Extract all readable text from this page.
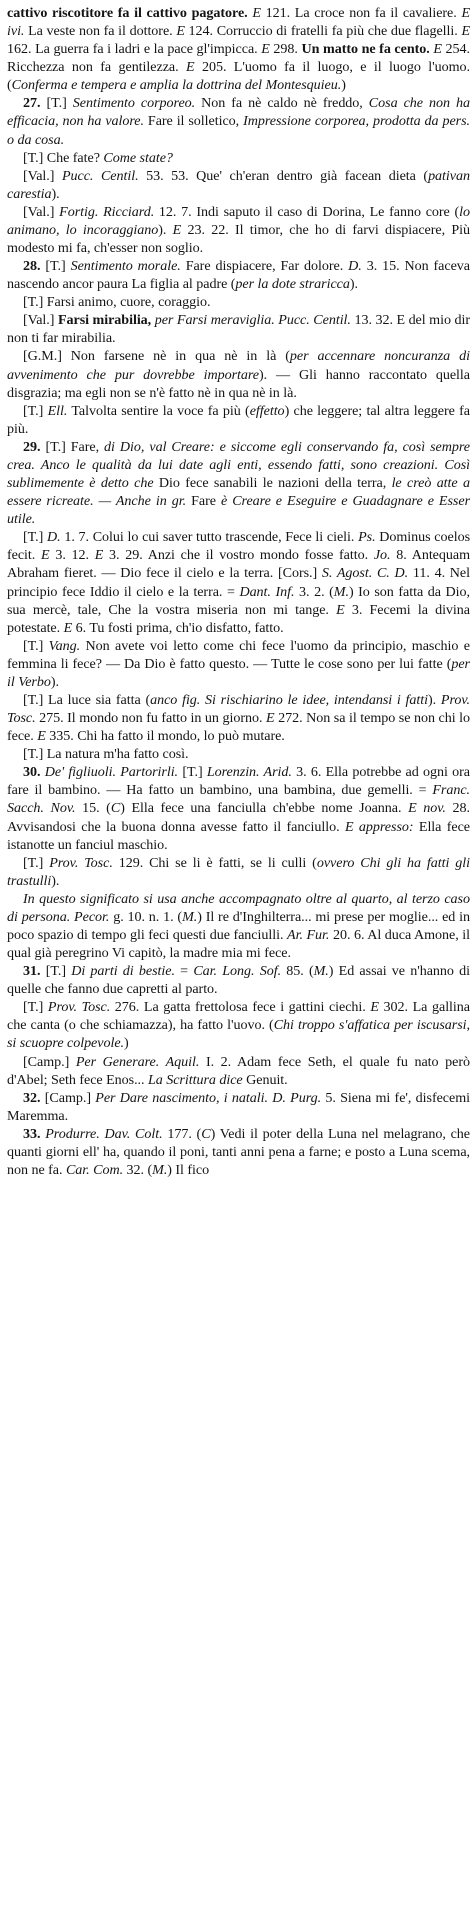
cattivo riscotitore fa il cattivo pagatore. E 121. La croce non fa il cavaliere. E ivi. La veste non fa il dottore. E 124. Corruccio di fratelli fa più che due flagelli. E 162. La guerra fa i ladri e la pace gl'impicca. E 298. Un matto ne fa cento. E 254. Ricchezza non fa gentilezza. E 205. L'uomo fa il luogo, e il luogo l'uomo. (Conferma e tempera e amplia la dottrina del Montesquieu.)
27. [T.] Sentimento corporeo. Non fa nè caldo nè freddo, Cosa che non ha efficacia, non ha valore. Fare il solletico, Impressione corporea, prodotta da pers. o da cosa.
[T.] Che fate? Come state?
[Val.] Pucc. Centil. 53. 53. Que' ch'eran dentro già facean dieta (pativan carestia).
[Val.] Fortig. Ricciard. 12. 7. Indi saputo il caso di Dorina, Le fanno core (lo animano, lo incoraggiano). E 23. 22. Il timor, che ho di farvi dispiacere, Più modesto mi fa, ch'esser non soglio.
28. [T.] Sentimento morale. Fare dispiacere, Far dolore. D. 3. 15. Non faceva nascendo ancor paura La figlia al padre (per la dote straricca).
[T.] Farsi animo, cuore, coraggio.
[Val.] Farsi mirabilia, per Farsi meraviglia. Pucc. Centil. 13. 32. E del mio dir non ti far mirabilia.
[G.M.] Non farsene nè in qua nè in là (per accennare noncuranza di avvenimento che pur dovrebbe importare). — Gli hanno raccontato quella disgrazia; ma egli non se n'è fatto nè in qua nè in là.
[T.] Ell. Talvolta sentire la voce fa più (effetto) che leggere; tal altra leggere fa più.
29. [T.] Fare, di Dio, val Creare: e siccome egli conservando fa, così sempre crea. Anco le qualità da lui date agli enti, essendo fatti, sono creazioni. Così sublimemente è detto che Dio fece sanabili le nazioni della terra, le creò atte a essere ricreate. — Anche in gr. Fare è Creare e Eseguire e Guadagnare e Esser utile.
[T.] D. 1. 7. Colui lo cui saver tutto trascende, Fece li cieli. Ps. Dominus coelos fecit. E 3. 12. E 3. 29. Anzi che il vostro mondo fosse fatto. Jo. 8. Antequam Abraham fieret. — Dio fece il cielo e la terra. [Cors.] S. Agost. C. D. 11. 4. Nel principio fece Iddio il cielo e la terra. = Dant. Inf. 3. 2. (M.) Io son fatta da Dio, sua mercè, tale, Che la vostra miseria non mi tange. E 3. Fecemi la divina potestate. E 6. Tu fosti prima, ch'io disfatto, fatto.
[T.] Vang. Non avete voi letto come chi fece l'uomo da principio, maschio e femmina li fece? — Da Dio è fatto questo. — Tutte le cose sono per lui fatte (per il Verbo).
[T.] La luce sia fatta (anco fig. Si rischiarino le idee, intendansi i fatti). Prov. Tosc. 275. Il mondo non fu fatto in un giorno. E 272. Non sa il tempo se non chi lo fece. E 335. Chi ha fatto il mondo, lo può mutare.
[T.] La natura m'ha fatto così.
30. De' figliuoli. Partorirli. [T.] Lorenzin. Arid. 3. 6. Ella potrebbe ad ogni ora fare il bambino. — Ha fatto un bambino, una bambina, due gemelli. = Franc. Sacch. Nov. 15. (C) Ella fece una fanciulla ch'ebbe nome Joanna. E nov. 28. Avvisandosi che la buona donna avesse fatto il fanciullo. E appresso: Ella fece istanotte un fanciul maschio.
[T.] Prov. Tosc. 129. Chi se li è fatti, se li culli (ovvero Chi gli ha fatti gli trastulli).
In questo significato si usa anche accompagnato oltre al quarto, al terzo caso di persona. Pecor. g. 10. n. 1. (M.) Il re d'Inghilterra... mi prese per moglie... ed in poco spazio di tempo gli feci questi due fanciulli. Ar. Fur. 20. 6. Al duca Amone, il qual già peregrino Vi capitò, la madre mia mi fece.
31. [T.] Di parti di bestie. = Car. Long. Sof. 85. (M.) Ed assai ve n'hanno di quelle che fanno due capretti al parto.
[T.] Prov. Tosc. 276. La gatta frettolosa fece i gattini ciechi. E 302. La gallina che canta (o che schiamazza), ha fatto l'uovo. (Chi troppo s'affatica per iscusarsi, si scuopre colpevole.)
[Camp.] Per Generare. Aquil. I. 2. Adam fece Seth, el quale fu nato però d'Abel; Seth fece Enos... La Scrittura dice Genuit.
32. [Camp.] Per Dare nascimento, i natali. D. Purg. 5. Siena mi fe', disfecemi Maremma.
33. Produrre. Dav. Colt. 177. (C) Vedi il poter della Luna nel melagrano, che quanti giorni ell' ha, quando il poni, tanti anni pena a farne; e posto a Luna scema, non ne fa. Car. Com. 32. (M.) Il fico
